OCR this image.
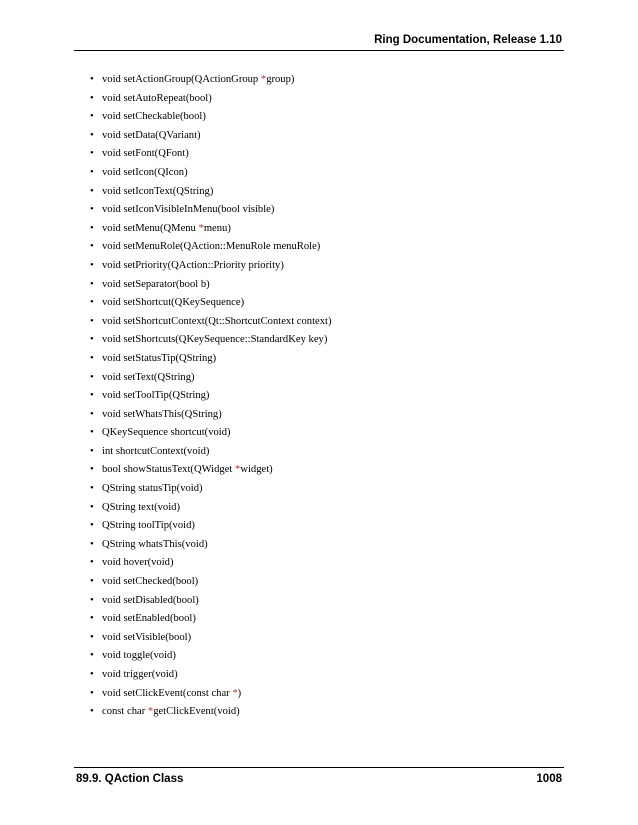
Ring Documentation, Release 1.10
• void setActionGroup(QActionGroup *group)
• void setAutoRepeat(bool)
• void setCheckable(bool)
• void setData(QVariant)
• void setFont(QFont)
• void setIcon(QIcon)
• void setIconText(QString)
• void setIconVisibleInMenu(bool visible)
• void setMenu(QMenu *menu)
• void setMenuRole(QAction::MenuRole menuRole)
• void setPriority(QAction::Priority priority)
• void setSeparator(bool b)
• void setShortcut(QKeySequence)
• void setShortcutContext(Qt::ShortcutContext context)
• void setShortcuts(QKeySequence::StandardKey key)
• void setStatusTip(QString)
• void setText(QString)
• void setToolTip(QString)
• void setWhatsThis(QString)
• QKeySequence shortcut(void)
• int shortcutContext(void)
• bool showStatusText(QWidget *widget)
• QString statusTip(void)
• QString text(void)
• QString toolTip(void)
• QString whatsThis(void)
• void hover(void)
• void setChecked(bool)
• void setDisabled(bool)
• void setEnabled(bool)
• void setVisible(bool)
• void toggle(void)
• void trigger(void)
• void setClickEvent(const char *)
• const char *getClickEvent(void)
89.9. QAction Class	1008
